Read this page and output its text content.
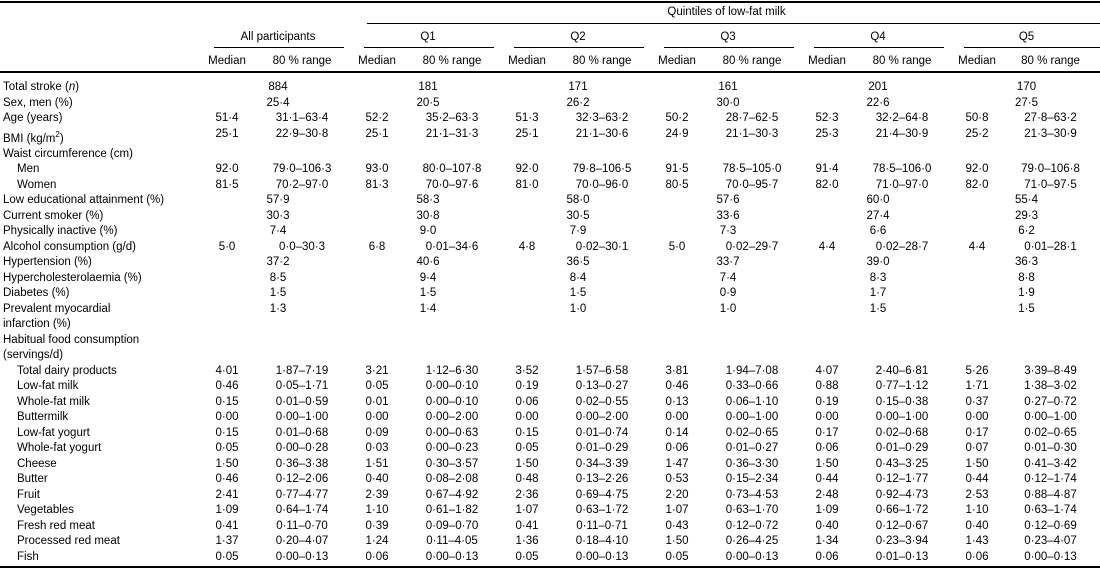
Quintiles of low-fat milk
All participants
Median	80 % range
Q1
Median	80 % range
Q2
Median	80 % range
Q3
Median	80 % range
Q4
Median	80 % range
Q5
Median	80 % range
Total stroke (n)	884	181	171	161	201	170
Sex, men (%)	25·4	20·5	26·2	30·0	22·6	27·5
Age (years)	51·4	31·1–63·4	52·2	35·2–63·3	51·3	32·3–63·2	50·2	28·7–62·5	52·3	32·2–64·8	50·8	27·8–63·2
BMI $(kg/m^2)$	25·1	22·9–30·8	25·1	21·1–31·3	25·1	21·1–30·6	24·9	21·1–30·3	25·3	21·4–30·9	25·2	21·3–30·9
Waist circumference (cm)
Men	92·0	79·0–106·3	93·0	80·0–107·8	92·0	79·8–106·5	91·5	78·5–105·0	91·4	78·5–106·0	92·0	79·0–106·8
Women	81·5	70·2–97·0	81·3	70·0–97·6	81·0	70·0–96·0	80·5	70·0–95·7	82·0	71·0–97·0	82·0	71·0–97·5
Low educational attainment (%)	57·9	58·3	58·0	57·6	60·0	55·4
Current smoker (%)	30·3	30·8	30·5	33·6	27·4	29·3
Physically inactive (%)	7·4	9·0	7·9	7·3	6·6	6·2
Alcohol consumption (g/d)	5·0	0·0–30·3	6·8	0·01–34·6	4·8	0·02–30·1	5·0	0·02–29·7	4·4	0·02–28·7	4·4	0·01–28·1
Hypertension (%)	37·2	40·6	36·5	33·7	39·0	36·3
Hypercholesterolaemia (%)	8·5	9·4	8·4	7·4	8·3	8·8
Diabetes (%)	1·5	1·5	1·5	0·9	1·7	1·9
Prevalent myocardial
infarction (%)
1·3	1·4	1·0	1·0	1·5	1·5
Habitual food consumption
(servings/d)
Total dairy products	4·01	1·87–7·19	3·21	1·12–6·30	3·52	1·57–6·58	3·81	1·94–7·08	4·07	2·40–6·81	5·26	3·39–8·49
Low-fat milk	0·46	0·05–1·71	0·05	0·00–0·10	0·19	0·13–0·27	0·46	0·33–0·66	0·88	0·77–1·12	1·71	1·38–3·02
Whole-fat milk	0·15	0·01–0·59	0·01	0·00–0·10	0·06	0·02–0·55	0·13	0·06–1·10	0·19	0·15–0·38	0·37	0·27–0·72
Buttermilk	0·00	0·00–1·00	0·00	0·00–2·00	0·00	0·00–2·00	0·00	0·00–1·00	0·00	0·00–1·00	0·00	0·00–1·00
Low-fat yogurt	0·15	0·01–0·68	0·09	0·00–0·63	0·15	0·01–0·74	0·14	0·02–0·65	0·17	0·02–0·68	0·17	0·02–0·65
Whole-fat yogurt	0·05	0·00–0·28	0·03	0·00–0·23	0·05	0·01–0·29	0·06	0·01–0·27	0·06	0·01–0·29	0·07	0·01–0·30
Cheese	1·50	0·36–3·38	1·51	0·30–3·57	1·50	0·34–3·39	1·47	0·36–3·30	1·50	0·43–3·25	1·50	0·41–3·42
Butter	0·46	0·12–2·06	0·40	0·08–2·08	0·48	0·13–2·26	0·53	0·15–2·34	0·44	0·12–1·77	0·44	0·12–1·74
Fruit	2·41	0·77–4·77	2·39	0·67–4·92	2·36	0·69–4·75	2·20	0·73–4·53	2·48	0·92–4·73	2·53	0·88–4·87
Vegetables	1·09	0·64–1·74	1·10	0·61–1·82	1·07	0·63–1·72	1·07	0·63–1·70	1·09	0·66–1·72	1·10	0·63–1·74
Fresh red meat	0·41	0·11–0·70	0·39	0·09–0·70	0·41	0·11–0·71	0·43	0·12–0·72	0·40	0·12–0·67	0·40	0·12–0·69
Processed red meat	1·37	0·20–4·07	1·24	0·11–4·05	1·36	0·18–4·10	1·50	0·26–4·25	1·34	0·23–3·94	1·43	0·23–4·07
Fish	0·05	0·00–0·13	0·06	0·00–0·13	0·05	0·00–0·13	0·05	0·00–0·13	0·06	0·01–0·13	0·06	0·00–0·13
